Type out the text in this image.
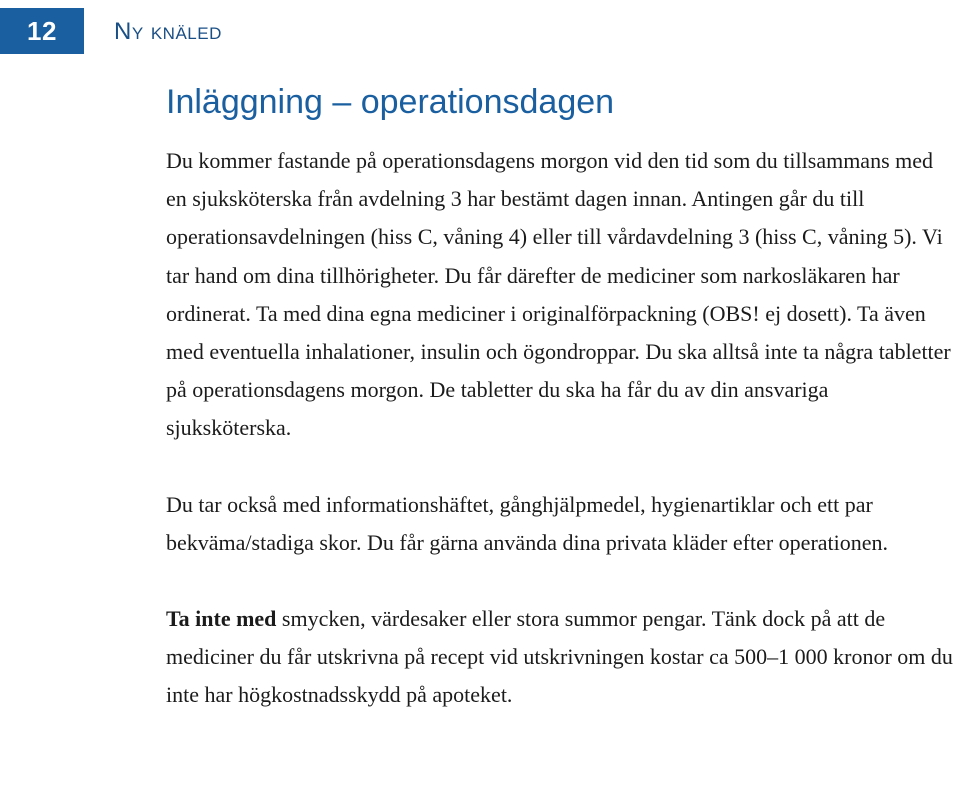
12	Ny knäled
Inläggning – operationsdagen

Du kommer fastande på operationsdagens morgon vid den tid som du tillsammans med en sjuksköterska från avdelning 3 har bestämt dagen innan. Antingen går du till operationsavdelningen (hiss C, våning 4) eller till vårdavdelning 3 (hiss C, våning 5). Vi tar hand om dina tillhörigheter. Du får därefter de mediciner som narkosläkaren har ordinerat. Ta med dina egna mediciner i originalförpackning (OBS! ej dosett). Ta även med eventuella inhalationer, insulin och ögondroppar. Du ska alltså inte ta några tabletter på operationsdagens morgon. De tabletter du ska ha får du av din ansvariga sjuksköterska.

Du tar också med informationshäftet, gånghjälpmedel, hygienartiklar och ett par bekväma/stadiga skor. Du får gärna använda dina privata kläder efter operationen.

Ta inte med smycken, värdesaker eller stora summor pengar. Tänk dock på att de mediciner du får utskrivna på recept vid utskrivningen kostar ca 500–1 000 kronor om du inte har högkostnadsskydd på apoteket.
